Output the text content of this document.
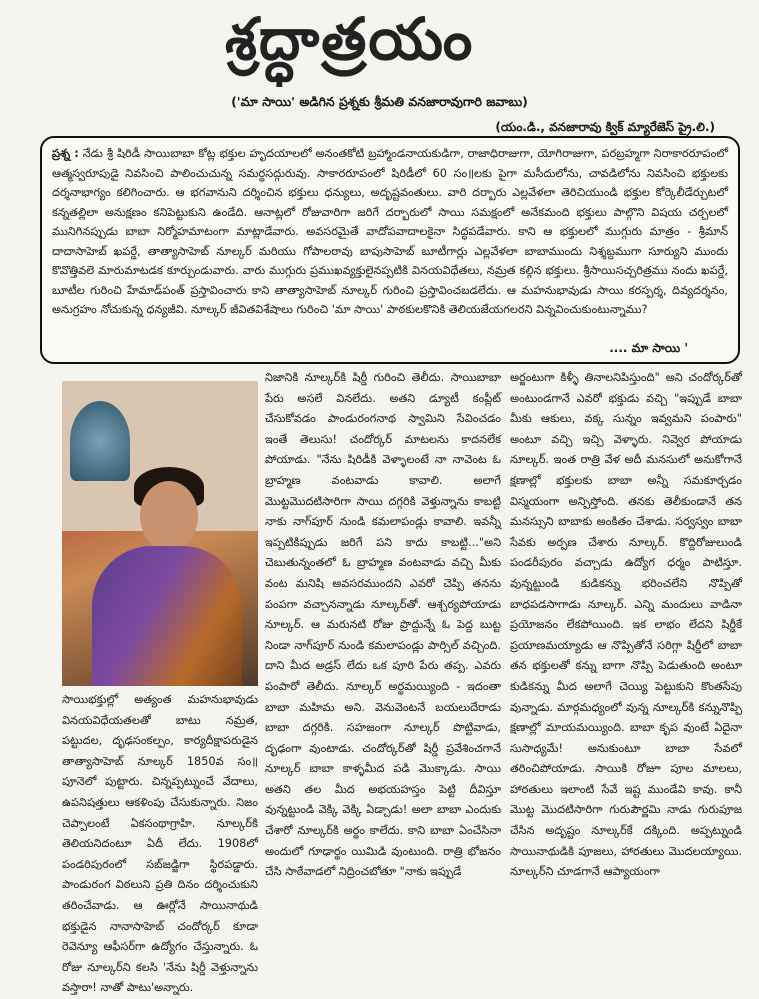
శ్రద్ధాత్రయం
('మా సాయి' అడిగిన ప్రశ్నకు శ్రీమతి వనజారావుగారి జవాబు)
(యం.డి., వనజారావు క్విక్ మ్యారేజెస్ ప్రై.లి.)
ప్రశ్న : నేడు శ్రీ షిరిడీ సాయిబాబా కోట్ల భక్తుల హృదయాలలో అనంతకోటి బ్రహ్మాండనాయకుడిగా, రాజాధిరాజుగా, యోగిరాజుగా, పరబ్రహ్మగా నిరాకారరూపంలో ఆత్మస్వరూపుడై నివసించి పాలించుచున్న సమర్థసద్గురువు. సాకారరూపంలో షిరిడీలో 60 సం॥లకు పైగా మసీదులోను, చావడిలోను నివసించి భక్తులకు దర్శనాభాగ్యం కలిగించారు. ఆ భగవానుని దర్శించిన భక్తులు ధన్యులు, అదృష్టవంతులు. వారి దర్బారు ఎల్లవేళలా తెరిచియుండి భక్తుల కోర్కెలీడేర్చుటలో కన్నతల్లిలా అనుక్షణం కనిపెట్టుకుని ఉండేది. ఆనాట్లలో రోజువారిగా జరిగే దర్బారులో సాయి సమక్షంలో అనేకమంది భక్తులు పాల్గొని విషయ చర్చలలో మునిగినప్పుడు బాబా నిర్మోహమాటంగా మాట్లాడేవారు. అవసరమైతే వాదోపవాదాలకైనా సిద్ధపడేవారు. కాని ఆ భక్తులలో ముగ్గురు మాత్రం - శ్రీమాన్ దాదాసాహెబ్ ఖపర్డే, తాత్యాసాహెబ్ నూల్కర్ మరియు గోపాలరావు బాపుసాహెబ్ బూటీగార్లు ఎల్లవేళలా బాబాముందు నిశ్శబ్దముగా సూర్యుని ముందు కొవొత్తివలె మారుమాటడక కూర్చుండువారు. వారు ముగ్గురు ప్రముఖవ్యక్తులైనప్పటికి వినయవిధేతలు, నమ్రత కల్గిన భక్తులు. శ్రీసాయిసచ్చరిత్రము నందు ఖపర్డే, బూటీల గురించి హేమాడ్‌పంత్ ప్రస్తావించారు కాని తాత్యాసాహెబ్ నూల్కర్ గురించి ప్రస్తావించబడలేదు. ఆ మహనుభావుడు సాయి కరస్పర్శ, దివ్యదర్శనం, అనుగ్రహం నోచుకున్న ధన్యజీవి. నూల్కర్ జీవితవిశేషాలు గురించి 'మా సాయి' పాఠకులకొనికి తెలియజేయగలరని విన్నవించుకుంటున్నాము?
.... మా సాయి '

సాయిభక్తుల్లో అత్యంత మహనుభావుడు వినయవిధేయతలతో బాటు నమ్రత, పట్టుదల, దృఢసంకల్పం, కార్యదీక్షాపరుడైన తాత్యాసాహెబ్ నూల్కర్ 1850వ సం॥ పూనెలో పుట్టారు. చిన్నప్పట్నుంచే వేదాలు, ఉపనిషత్తులు ఆకళింపు చేసుకున్నారు. నిజం చెప్పాలంటే ఏకసంథాగ్రాహి. నూల్కర్‌కి తెలియనిదంటూ ఏదీ లేదు. 1908లో పండరిపురంలో సబ్‌జడ్జిగా స్థిరపడ్డారు. పాండురంగ విఠలుని ప్రతి దినం దర్శించుకుని తరించేవాడు. ఆ ఊర్లోనే సాయినాథుడి భక్తుడైన నానాసాహెబ్ చందోర్కర్ కూడా రెవెన్యూ ఆఫీసర్‌గా ఉద్యోగం చేస్తున్నారు. ఓ రోజు నూల్కర్‌ని కలసి 'నేను షిర్డీ వెళ్తున్నాను వస్తారా! నాతో పాటు'అన్నారు.

నిజానికి నూల్కర్‌కి షిర్డీ గురించి తెలీదు. సాయిబాబా పేరు అసలే వినలేదు. అతని డ్యూటీ కంప్లీట్ చేసుకోవడం పాండురంగనాథ స్వామిని సేవించడం ఇంతే తెలుసు! చందోర్కర్ మాటలను కాదనలేక పోయాడు. "నేను షిరిడీకి వెళ్ళాలంటే నా నావెంట ఓ బ్రాహ్మణ వంటవాడు కావాలి. అలాగే మొట్టమొదటిసారిగా సాయి దగ్గరికి వెళ్తున్నాను కాబట్టి నాకు నాగ్‌పూర్ నుండి కమలాపండ్లు కావాలి. ఇవన్నీ ఇప్పటికిప్పుడు జరిగే పని కాదు కాబట్టి..."అని చెబుతున్నంతలో ఓ బ్రాహ్మణ వంటవాడు వచ్చి మీకు వంట మనిషి అవసరముందని ఎవరో చెప్పి తనను పంపగా వచ్చానన్నాడు నూల్కర్‌తో. ఆశ్చర్యపోయాడు నూల్కర్. ఆ మరునటి రోజు ప్రొద్దున్నే ఓ పెద్ద బుట్ట నిండా నాగ్‌పూర్ నుండి కమలాపండ్లు పార్సిల్ వచ్చింది. దాని మీద అడ్రస్ లేదు ఒక పూరి పేరు తప్ప. ఎవరు పంపారో తెలీదు. నూల్కర్ అర్థమయ్యింది - ఇదంతా బాబా మహిమ అని. వెనువెంటనే బయలుదేరాడు బాబా దగ్గరికి. సహజంగా నూల్కర్ పొట్టివాడు, దృఢంగా వుంటాడు. చందోర్కర్‌తో షిర్డీ ప్రవేశించగానే నూల్కర్ బాబా కాళ్ళమీద పడి మొక్కాడు. సాయి అతని తల మీద అభయహస్తం పెట్టి దీవిస్తూ వున్నట్టుండి వెక్కి వెక్కి ఏడ్చాడు! అలా బాబా ఎందుకు చేశారో నూల్కర్‌కి అర్థం కాలేదు. కాని బాబా ఏంచేసినా అందులో గూఢార్థం యిమిడి వుంటుంది. రాత్రి భోజనం చేసి సాఠేవాడలో నిద్రించబోతూ "నాకు ఇప్పుడే

అర్జంటుగా కిళ్ళీ తినాలనిపిస్తుంది" అని చందోర్కర్‌తో అంటుండగానే ఎవరో భక్తుడు వచ్చి "ఇప్పుడే బాబా మీకు ఆకులు, వక్క సున్నం ఇవ్వమని పంపారు" అంటూ వచ్చి ఇచ్చి వెళ్ళారు. నివ్వెర పోయాడు నూల్కర్. ఇంత రాత్రి వేళ అదీ మనసులో అనుకోగానే క్షణాల్లో భక్తులకు బాబా అన్నీ సమకూర్చడం విస్మయంగా అన్పిస్తోంది. తనకు తెలీకుండానే తన మనస్సుని బాబాకు అంకితం చేశాడు. సర్వస్వం బాబా సేవకు అర్పణ చేశారు నూల్కర్. కొద్దిరోజులుండి పండరీపురం వచ్చాడు ఉద్యోగ ధర్మం పాటిస్తూ. వున్నట్టుండి కుడికన్ను భరించలేని నొప్పితో బాధపడసాగాడు నూల్కర్. ఎన్ని మందులు వాడినా ప్రయోజనం లేకపోయింది. ఇక లాభం లేదని షిర్డీకే ప్రయాణమయ్యాడు ఆ నొప్పితోనే సరిగ్గా షిర్డీలో బాబా తన భక్తులతో కన్ను బాగా నొప్పి పెడుతుంది అంటూ కుడికన్ను మీద అలాగే చెయ్యి పెట్టుకుని కొంతసేపు వున్నాడు. మార్గమధ్యంలో వున్న నూల్కర్‌కి కన్నునొప్పి క్షణాల్లో మాయమయ్యింది. బాబా కృప వుంటే ఏదైనా సుసాధ్యమే! అనుకుంటూ బాబా సేవలో తరించిపోయాడు. సాయికి రోజూ పూల మాలలు, హారతులు ఇలాంటి సేవే ఇష్ట ముండేవి కావు. కానీ మొట్ట మొదటిసారిగా గురుపౌర్ణమి నాడు గురుపూజ చేసిన అదృష్టం నూల్కర్‌కే దక్కింది. అప్పట్నుండి సాయినాథుడికి పూజలు, హారతులు మొదలయ్యాయి. నూల్కర్‌ని చూడగానే ఆప్యాయంగా
